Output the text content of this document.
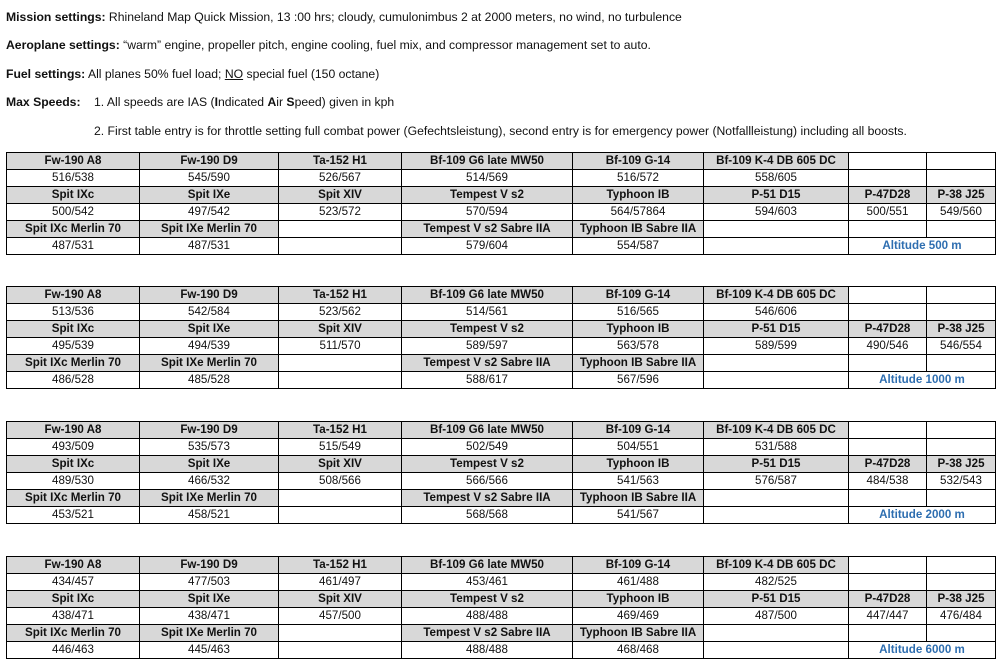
Mission settings: Rhineland Map Quick Mission, 13 :00 hrs; cloudy, cumulonimbus 2 at 2000 meters, no wind, no turbulence
Aeroplane settings: “warm” engine, propeller pitch, engine cooling, fuel mix, and compressor management set to auto.
Fuel settings: All planes 50% fuel load; NO special fuel (150 octane)
Max Speeds: 1. All speeds are IAS (Indicated Air Speed) given in kph
2. First table entry is for throttle setting full combat power (Gefechtsleistung), second entry is for emergency power (Notfallleistung) including all boosts.
Fw-190 A8	Fw-190 D9	Ta-152 H1	Bf-109 G6 late MW50	Bf-109 G-14	Bf-109 K-4 DB 605 DC		
516/538	545/590	526/567	514/569	516/572	558/605		
Spit IXc	Spit IXe	Spit XIV	Tempest V s2	Typhoon IB	P-51 D15	P-47D28	P-38 J25
500/542	497/542	523/572	570/594	564/57864	594/603	500/551	549/560
Spit IXc Merlin 70	Spit IXe Merlin 70		Tempest V s2 Sabre IIA	Typhoon IB Sabre IIA			
487/531	487/531		579/604	554/587		Altitude 500 m	
Fw-190 A8	Fw-190 D9	Ta-152 H1	Bf-109 G6 late MW50	Bf-109 G-14	Bf-109 K-4 DB 605 DC		
513/536	542/584	523/562	514/561	516/565	546/606		
Spit IXc	Spit IXe	Spit XIV	Tempest V s2	Typhoon IB	P-51 D15	P-47D28	P-38 J25
495/539	494/539	511/570	589/597	563/578	589/599	490/546	546/554
Spit IXc Merlin 70	Spit IXe Merlin 70		Tempest V s2 Sabre IIA	Typhoon IB Sabre IIA			
486/528	485/528		588/617	567/596		Altitude 1000 m	
Fw-190 A8	Fw-190 D9	Ta-152 H1	Bf-109 G6 late MW50	Bf-109 G-14	Bf-109 K-4 DB 605 DC		
493/509	535/573	515/549	502/549	504/551	531/588		
Spit IXc	Spit IXe	Spit XIV	Tempest V s2	Typhoon IB	P-51 D15	P-47D28	P-38 J25
489/530	466/532	508/566	566/566	541/563	576/587	484/538	532/543
Spit IXc Merlin 70	Spit IXe Merlin 70		Tempest V s2 Sabre IIA	Typhoon IB Sabre IIA			
453/521	458/521		568/568	541/567		Altitude 2000 m	
Fw-190 A8	Fw-190 D9	Ta-152 H1	Bf-109 G6 late MW50	Bf-109 G-14	Bf-109 K-4 DB 605 DC		
434/457	477/503	461/497	453/461	461/488	482/525		
Spit IXc	Spit IXe	Spit XIV	Tempest V s2	Typhoon IB	P-51 D15	P-47D28	P-38 J25
438/471	438/471	457/500	488/488	469/469	487/500	447/447	476/484
Spit IXc Merlin 70	Spit IXe Merlin 70		Tempest V s2 Sabre IIA	Typhoon IB Sabre IIA			
446/463	445/463		488/488	468/468		Altitude 6000 m	
